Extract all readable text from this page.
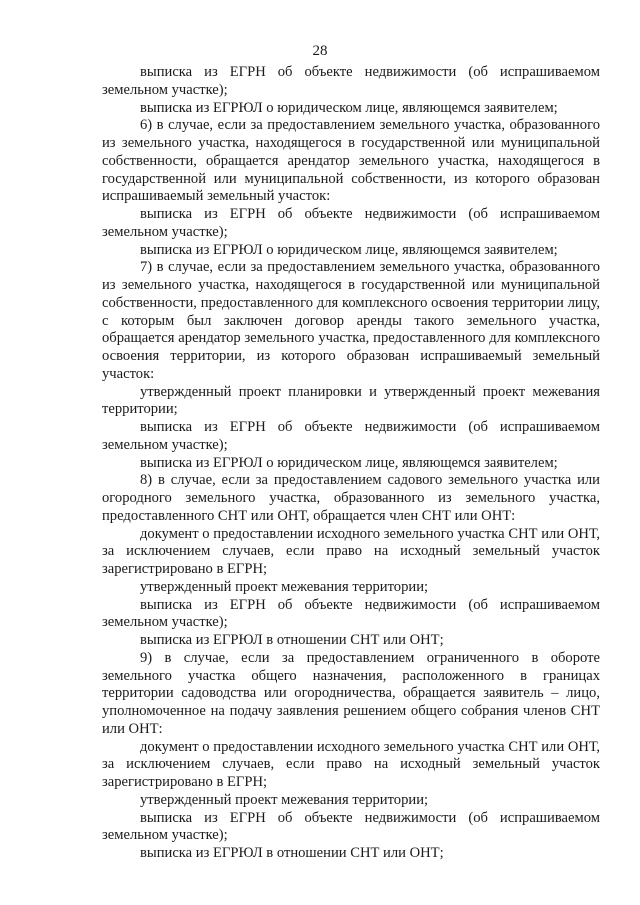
28

выписка из ЕГРН об объекте недвижимости (об испрашиваемом земельном участке);

выписка из ЕГРЮЛ о юридическом лице, являющемся заявителем;

6) в случае, если за предоставлением земельного участка, образованного из земельного участка, находящегося в государственной или муниципальной собственности, обращается арендатор земельного участка, находящегося в государственной или муниципальной собственности, из которого образован испрашиваемый земельный участок:

выписка из ЕГРН об объекте недвижимости (об испрашиваемом земельном участке);

выписка из ЕГРЮЛ о юридическом лице, являющемся заявителем;

7) в случае, если за предоставлением земельного участка, образованного из земельного участка, находящегося в государственной или муниципальной собственности, предоставленного для комплексного освоения территории лицу, с которым был заключен договор аренды такого земельного участка, обращается арендатор земельного участка, предоставленного для комплексного освоения территории, из которого образован испрашиваемый земельный участок:

утвержденный проект планировки и утвержденный проект межевания территории;

выписка из ЕГРН об объекте недвижимости (об испрашиваемом земельном участке);

выписка из ЕГРЮЛ о юридическом лице, являющемся заявителем;

8) в случае, если за предоставлением садового земельного участка или огородного земельного участка, образованного из земельного участка, предоставленного СНТ или ОНТ, обращается член СНТ или ОНТ:

документ о предоставлении исходного земельного участка СНТ или ОНТ, за исключением случаев, если право на исходный земельный участок зарегистрировано в ЕГРН;

утвержденный проект межевания территории;

выписка из ЕГРН об объекте недвижимости (об испрашиваемом земельном участке);

выписка из ЕГРЮЛ в отношении СНТ или ОНТ;

9) в случае, если за предоставлением ограниченного в обороте земельного участка общего назначения, расположенного в границах территории садоводства или огородничества, обращается заявитель – лицо, уполномоченное на подачу заявления решением общего собрания членов СНТ или ОНТ:

документ о предоставлении исходного земельного участка СНТ или ОНТ, за исключением случаев, если право на исходный земельный участок зарегистрировано в ЕГРН;

утвержденный проект межевания территории;

выписка из ЕГРН об объекте недвижимости (об испрашиваемом земельном участке);

выписка из ЕГРЮЛ в отношении СНТ или ОНТ;
